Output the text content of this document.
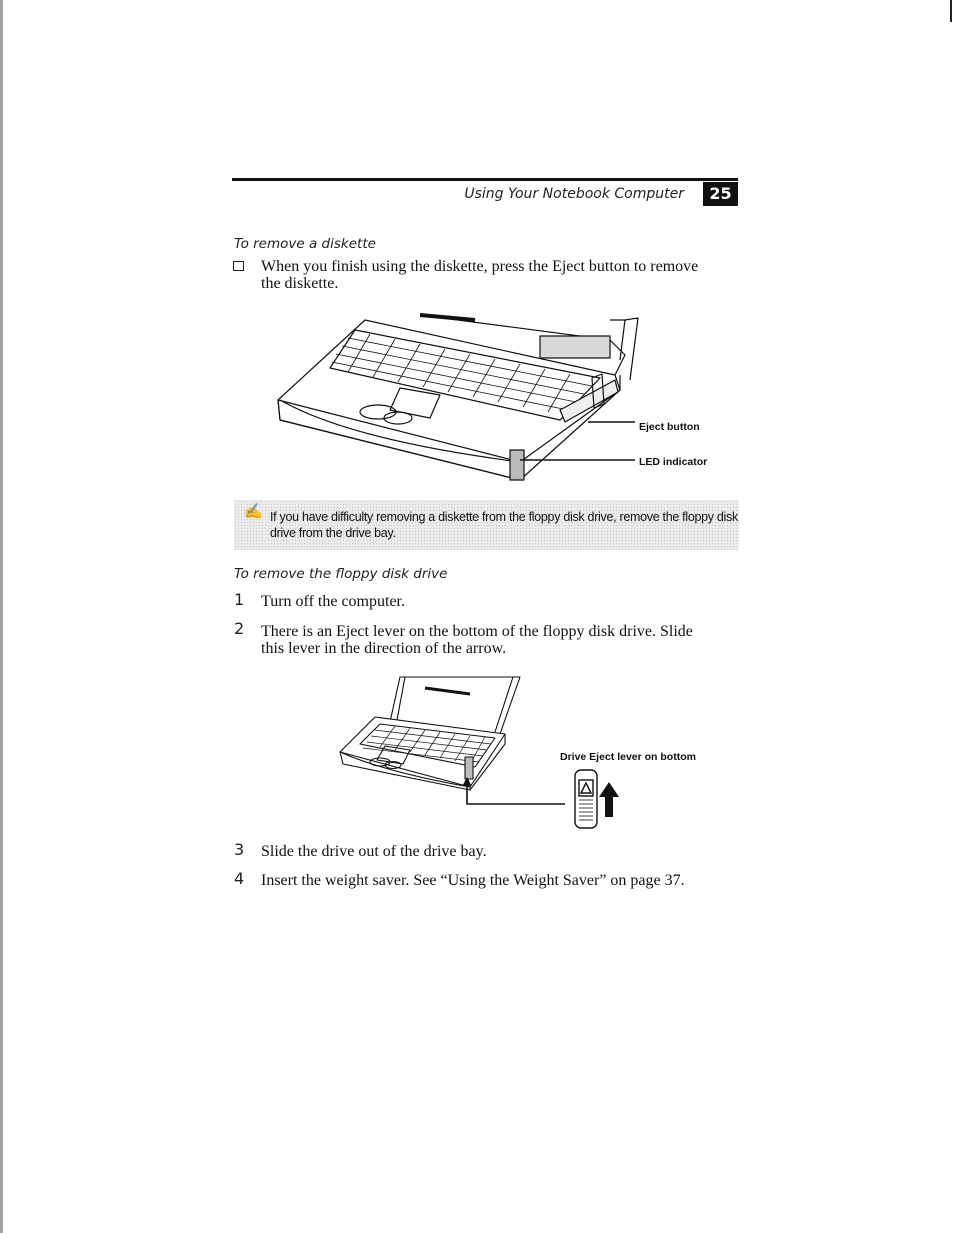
Using Your Notebook Computer	25
To remove a diskette
When you finish using the diskette, press the Eject button to remove
the diskette.
Eject button
LED indicator
✍ If you have difficulty removing a diskette from the floppy disk drive, remove the floppy disk
drive from the drive bay.
To remove the floppy disk drive
1 Turn off the computer.
2 There is an Eject lever on the bottom of the floppy disk drive. Slide
this lever in the direction of the arrow.
Drive Eject lever on bottom
3 Slide the drive out of the drive bay.
4 Insert the weight saver. See “Using the Weight Saver” on page 37.
